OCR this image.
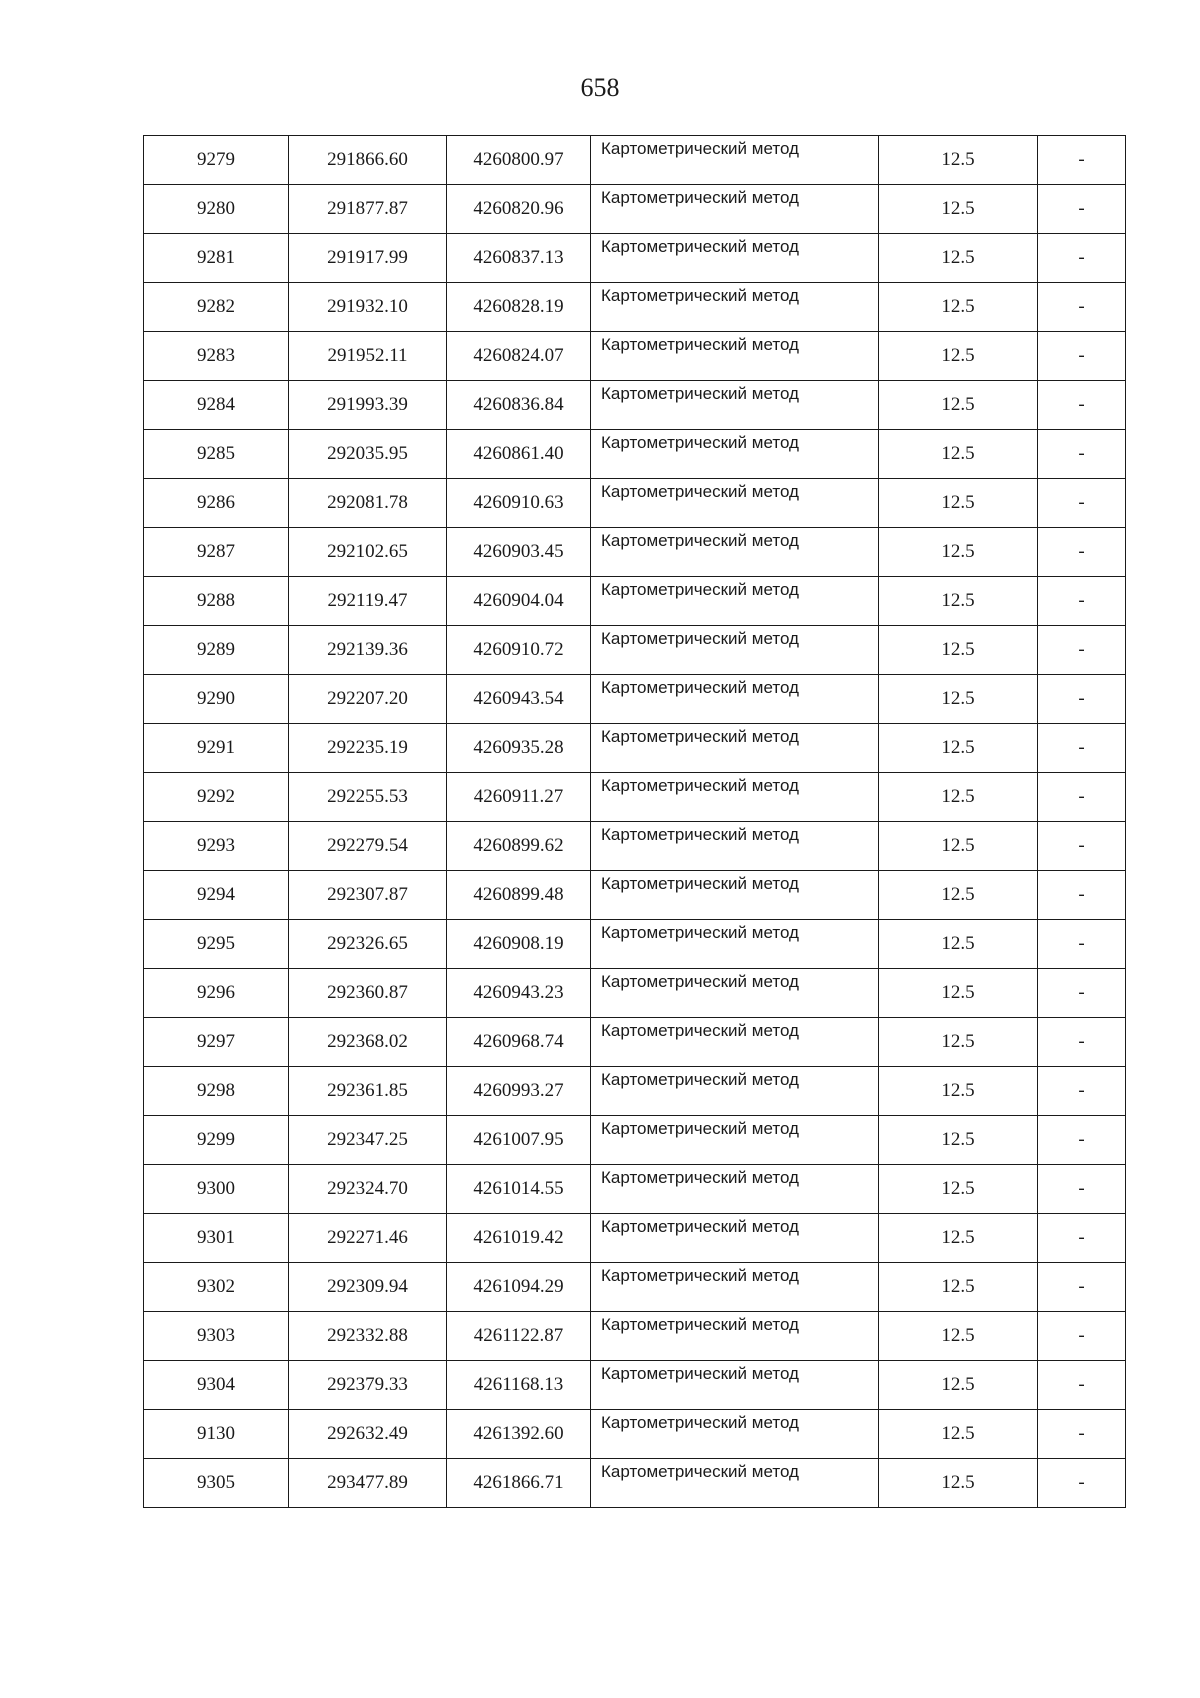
658
9279	291866.60	4260800.97	Картометрический метод	12.5	-
9280	291877.87	4260820.96	Картометрический метод	12.5	-
9281	291917.99	4260837.13	Картометрический метод	12.5	-
9282	291932.10	4260828.19	Картометрический метод	12.5	-
9283	291952.11	4260824.07	Картометрический метод	12.5	-
9284	291993.39	4260836.84	Картометрический метод	12.5	-
9285	292035.95	4260861.40	Картометрический метод	12.5	-
9286	292081.78	4260910.63	Картометрический метод	12.5	-
9287	292102.65	4260903.45	Картометрический метод	12.5	-
9288	292119.47	4260904.04	Картометрический метод	12.5	-
9289	292139.36	4260910.72	Картометрический метод	12.5	-
9290	292207.20	4260943.54	Картометрический метод	12.5	-
9291	292235.19	4260935.28	Картометрический метод	12.5	-
9292	292255.53	4260911.27	Картометрический метод	12.5	-
9293	292279.54	4260899.62	Картометрический метод	12.5	-
9294	292307.87	4260899.48	Картометрический метод	12.5	-
9295	292326.65	4260908.19	Картометрический метод	12.5	-
9296	292360.87	4260943.23	Картометрический метод	12.5	-
9297	292368.02	4260968.74	Картометрический метод	12.5	-
9298	292361.85	4260993.27	Картометрический метод	12.5	-
9299	292347.25	4261007.95	Картометрический метод	12.5	-
9300	292324.70	4261014.55	Картометрический метод	12.5	-
9301	292271.46	4261019.42	Картометрический метод	12.5	-
9302	292309.94	4261094.29	Картометрический метод	12.5	-
9303	292332.88	4261122.87	Картометрический метод	12.5	-
9304	292379.33	4261168.13	Картометрический метод	12.5	-
9130	292632.49	4261392.60	Картометрический метод	12.5	-
9305	293477.89	4261866.71	Картометрический метод	12.5	-
